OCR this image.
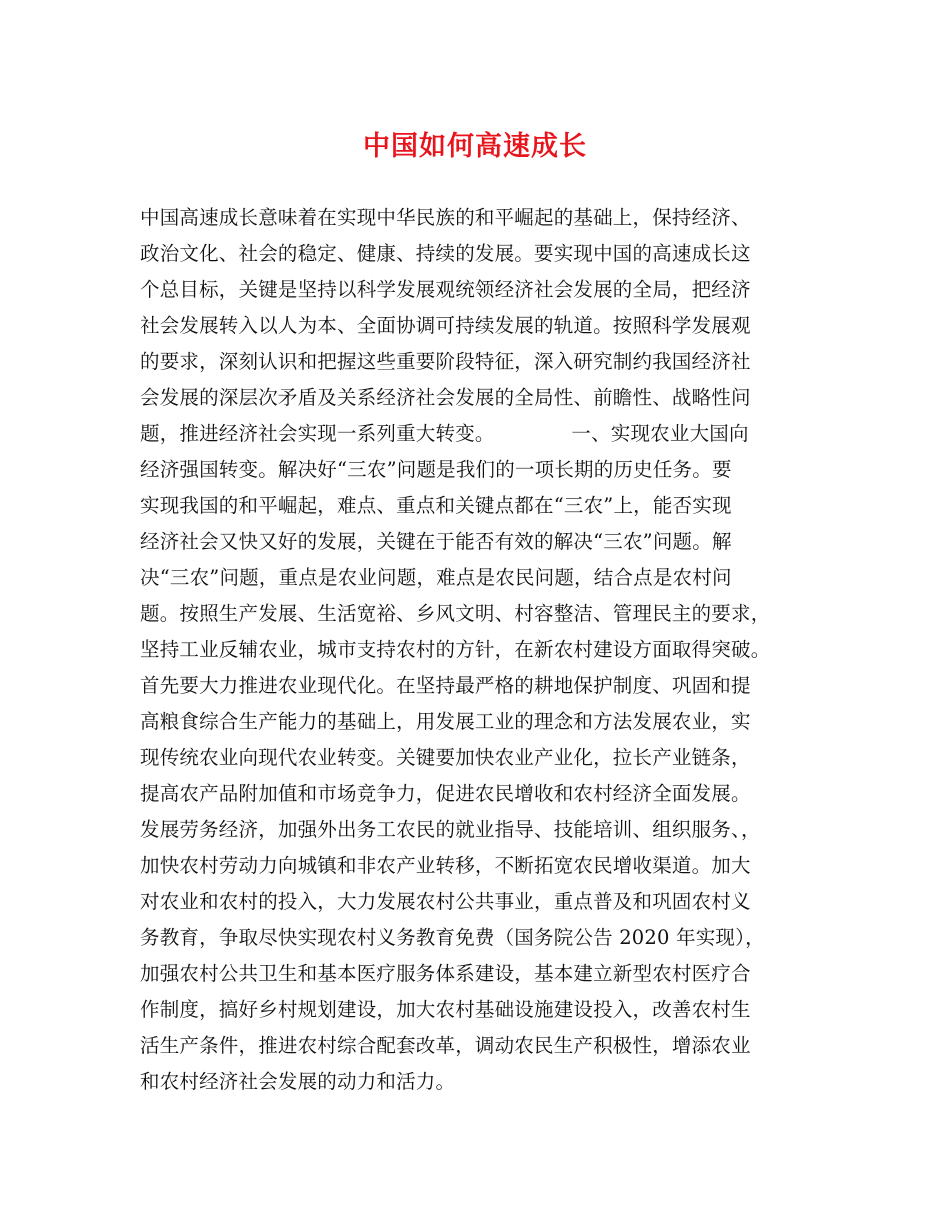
中国如何高速成长
中国高速成长意味着在实现中华民族的和平崛起的基础上，保持经济、
政治文化、社会的稳定、健康、持续的发展。要实现中国的高速成长这
个总目标，关键是坚持以科学发展观统领经济社会发展的全局，把经济
社会发展转入以人为本、全面协调可持续发展的轨道。按照科学发展观
的要求，深刻认识和把握这些重要阶段特征，深入研究制约我国经济社
会发展的深层次矛盾及关系经济社会发展的全局性、前瞻性、战略性问
题，推进经济社会实现一系列重大转变。            一、实现农业大国向
经济强国转变。解决好“三农”问题是我们的一项长期的历史任务。要
实现我国的和平崛起，难点、重点和关键点都在“三农”上，能否实现
经济社会又快又好的发展，关键在于能否有效的解决“三农”问题。解
决“三农”问题，重点是农业问题，难点是农民问题，结合点是农村问
题。按照生产发展、生活宽裕、乡风文明、村容整洁、管理民主的要求，
坚持工业反辅农业，城市支持农村的方针，在新农村建设方面取得突破。
首先要大力推进农业现代化。在坚持最严格的耕地保护制度、巩固和提
高粮食综合生产能力的基础上，用发展工业的理念和方法发展农业，实
现传统农业向现代农业转变。关键要加快农业产业化，拉长产业链条，
提高农产品附加值和市场竞争力，促进农民增收和农村经济全面发展。
发展劳务经济，加强外出务工农民的就业指导、技能培训、组织服务、，
加快农村劳动力向城镇和非农产业转移，不断拓宽农民增收渠道。加大
对农业和农村的投入，大力发展农村公共事业，重点普及和巩固农村义
务教育，争取尽快实现农村义务教育免费（国务院公告 2020 年实现），
加强农村公共卫生和基本医疗服务体系建设，基本建立新型农村医疗合
作制度，搞好乡村规划建设，加大农村基础设施建设投入，改善农村生
活生产条件，推进农村综合配套改革，调动农民生产积极性，增添农业
和农村经济社会发展的动力和活力。
